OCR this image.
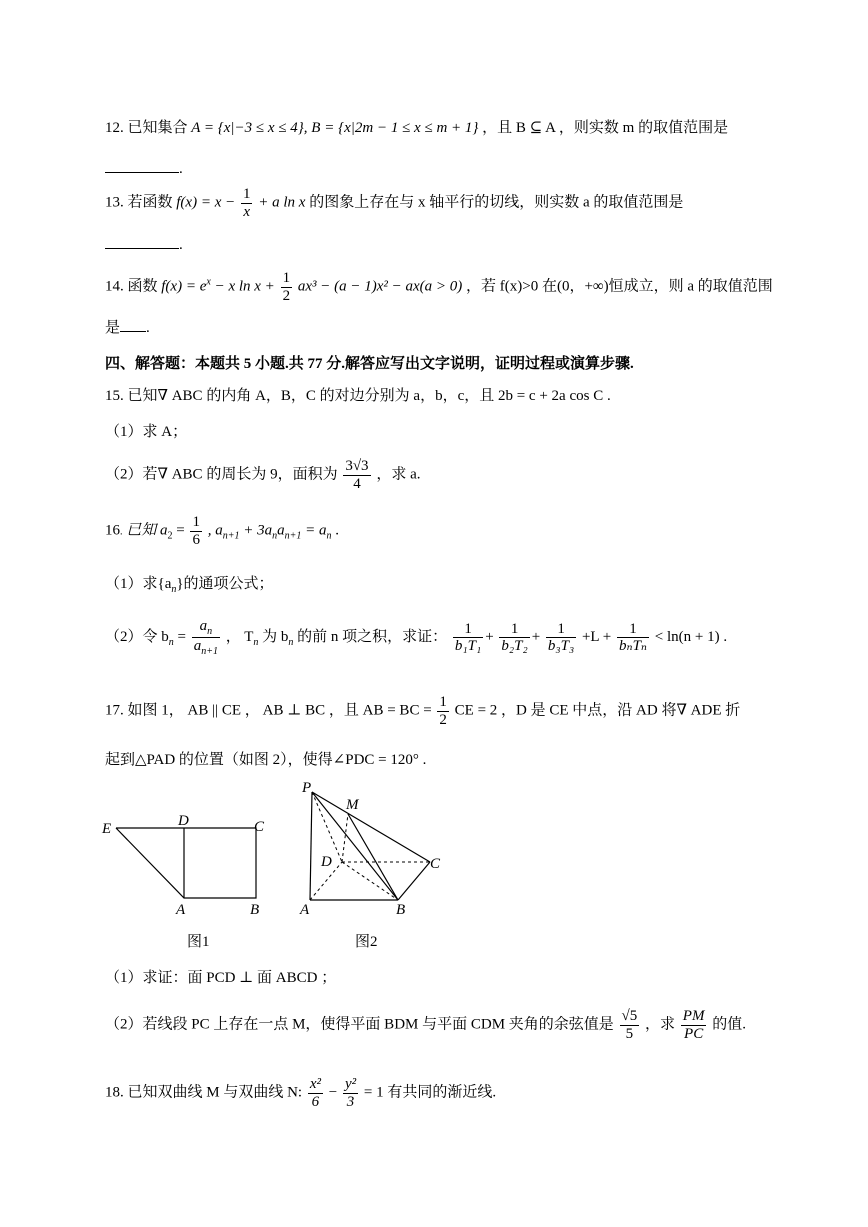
12. 已知集合 A = {x|−3 ≤ x ≤ 4}, B = {x|2m − 1 ≤ x ≤ m + 1} ，且 B ⊆ A ，则实数 m 的取值范围是
.
13. 若函数 $f(x) = x - \frac{1}{x} + a$ ln x 的图象上存在与 x 轴平行的切线，则实数 a 的取值范围是
.
14. 函数 $f(x) = e^x - x$ $\ln x + \frac{1}{2} ax^3 - (a - 1)x^2 - ax(a > 0)$ ，若 f(x)>0 在(0，+∞)恒成立，则 a 的取值范围
是 .
四、解答题：本题共 5 小题.共 77 分.解答应写出文字说明，证明过程或演算步骤.
15. 已知∇ ABC 的内角 A，B，C 的对边分别为 a，b，c，且 2b = c + 2a cos C .
（1）求 A；
（2）若∇ ABC 的周长为 9，面积为 $\frac{3√3}{4}$ ，求 a.
16. 已知 $a_2 = \frac{1}{6}$ , $a_{n+1} + 3a_na_{n+1} = a_n$ .
（1）求$\{a_n\}$的通项公式；
（2）令 $b_n = \frac{a_n}{a_{n+1}}$ ， $T_n$ 为 $b_n$ 的前 n 项之积，求证： $\frac{1}{\text{b₁T₁}} + \frac{1}{\text{b₂T₂}} + \frac{1}{\text{b₃T₃}} +L + \frac{1}{\text{bₙTₙ}} < \ln(n + 1)$ .
17. 如图 1， AB || CE ， AB ⊥ BC ，且 AB = BC = $\frac{1}{2}$ CE = 2 ，D 是 CE 中点，沿 AD 将∇ ADE 折
起到△PAD 的位置（如图 2），使得∠PDC = 120° .
E	D	C
A	B
图1
P
M
D	C
A	B
图2
（1）求证：面 PCD ⊥ 面 ABCD ；
（2）若线段 PC 上存在一点 M，使得平面 BDM 与平面 CDM 夹角的余弦值是 $\frac{√5}{5}$ ，求 $\frac{PM}{PC}$ 的值.
18. 已知双曲线 M 与双曲线 N: $\frac{\text{x²}}{6} - \frac{\text{y²}}{3} = 1$ 有共同的渐近线.
